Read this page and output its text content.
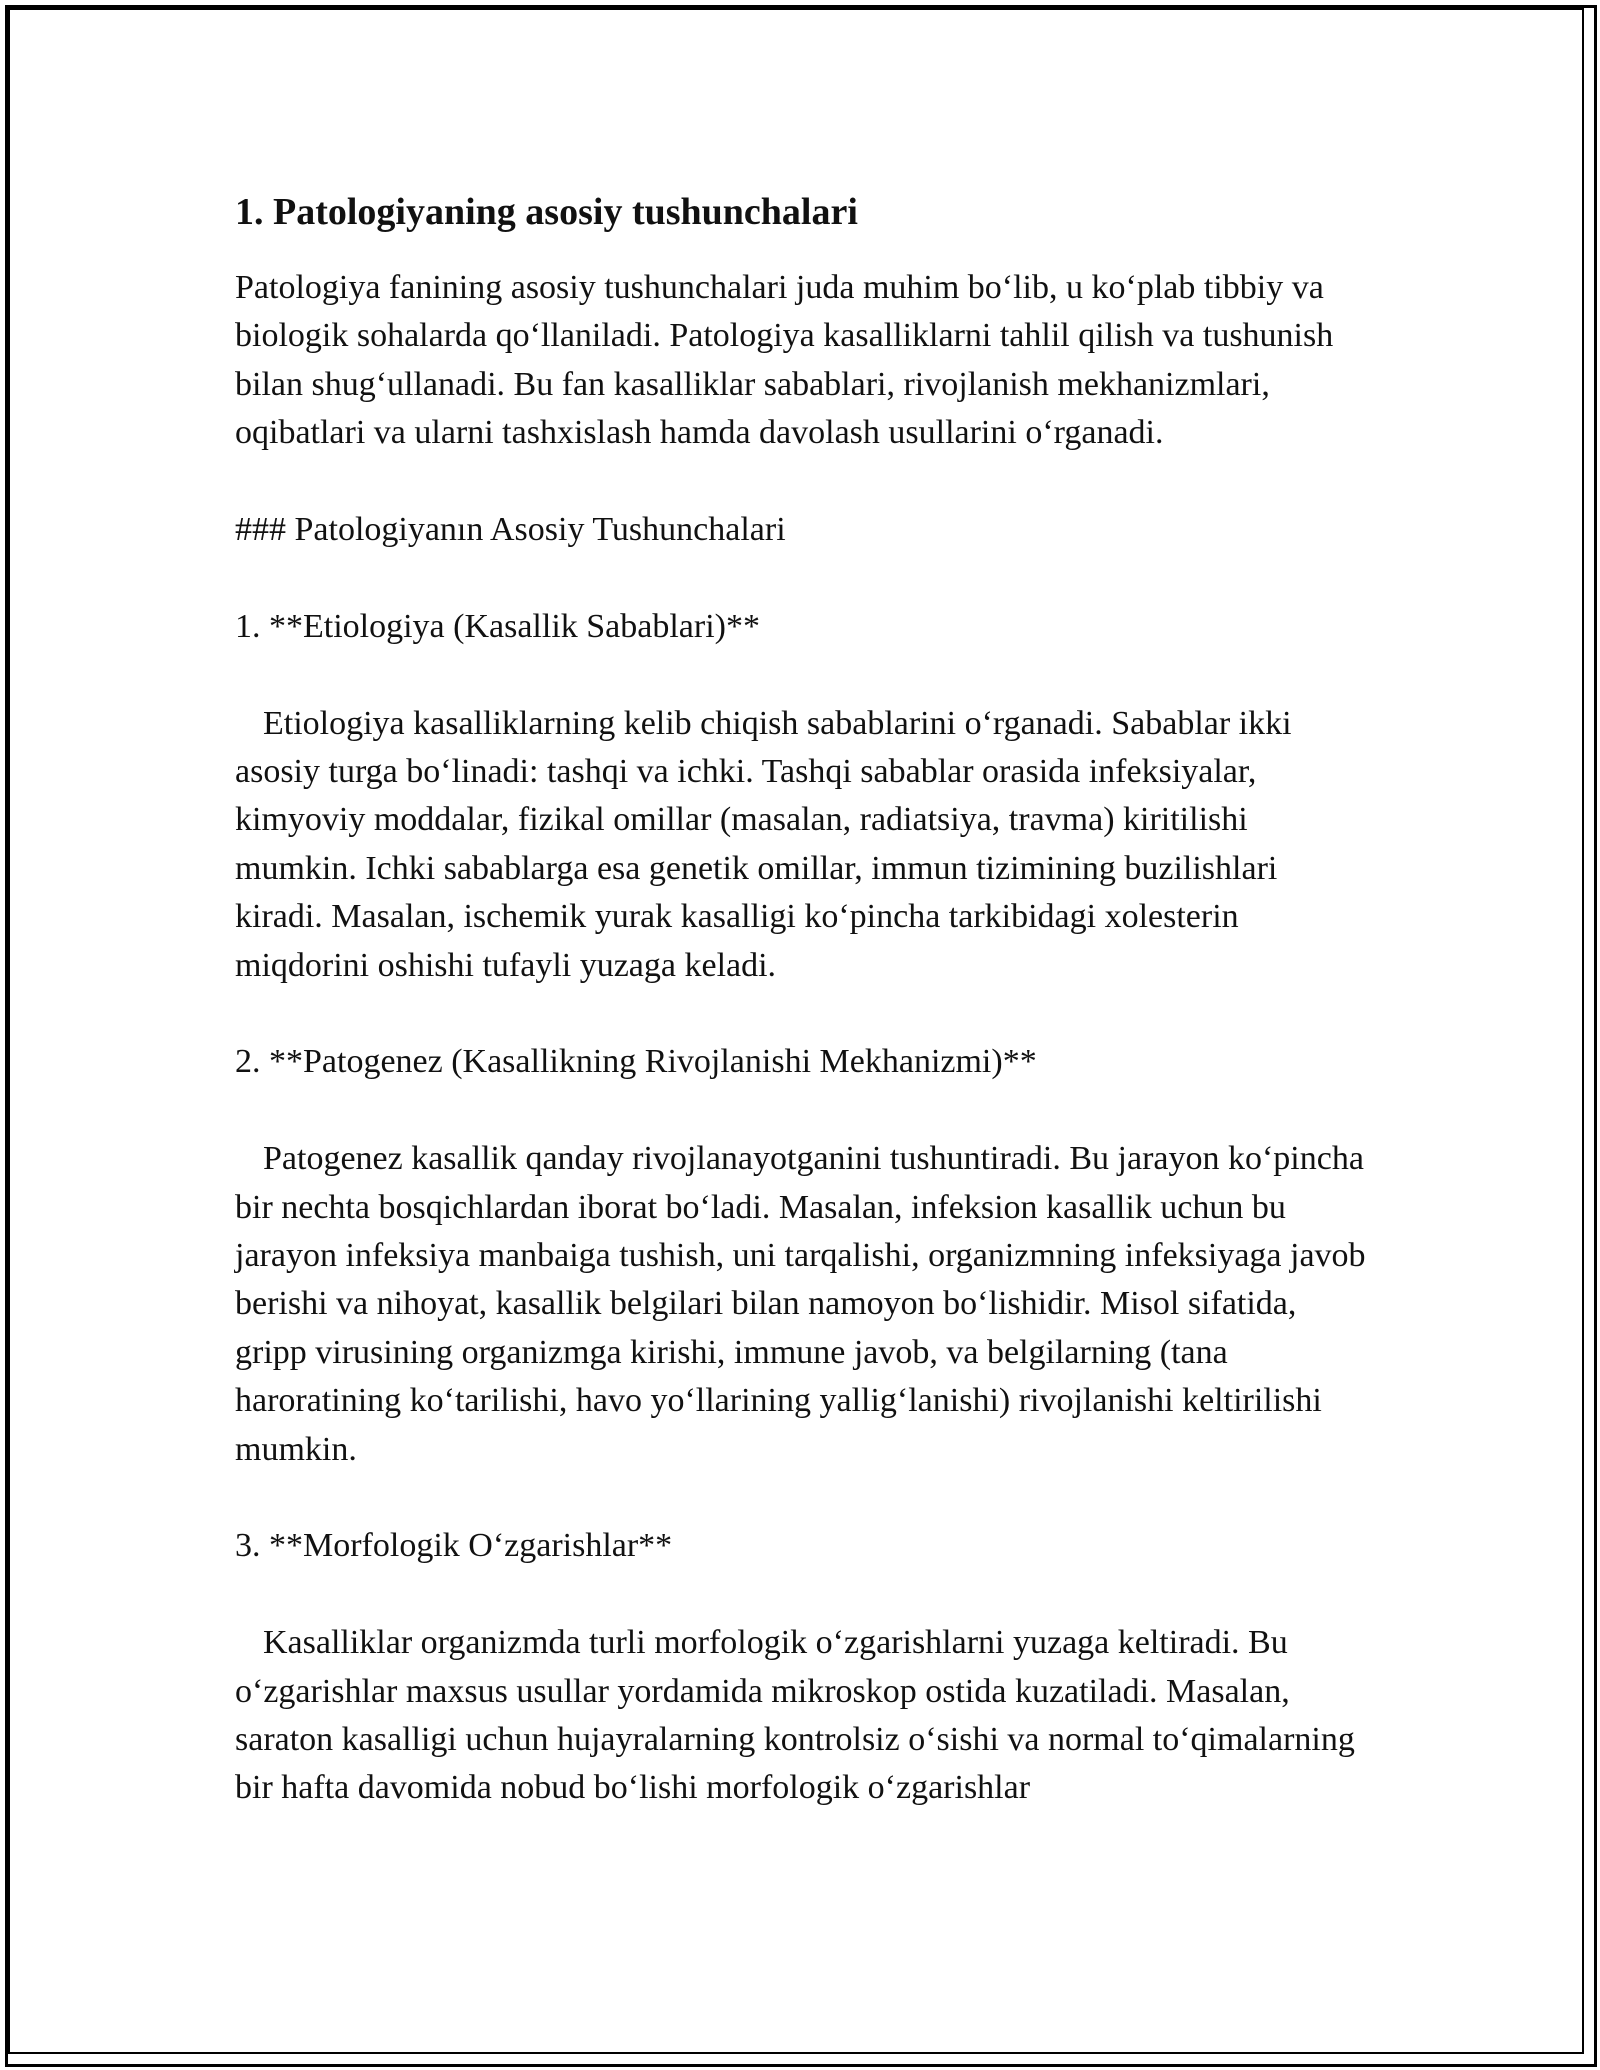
1. Patologiyaning asosiy tushunchalari

Patologiya fanining asosiy tushunchalari juda muhim bo‘lib, u ko‘plab tibbiy va biologik sohalarda qo‘llaniladi. Patologiya kasalliklarni tahlil qilish va tushunish bilan shug‘ullanadi. Bu fan kasalliklar sabablari, rivojlanish mekhanizmlari, oqibatlari va ularni tashxislash hamda davolash usullarini o‘rganadi.

### Patologiyanın Asosiy Tushunchalari

1. **Etiologiya (Kasallik Sabablari)**

Etiologiya kasalliklarning kelib chiqish sabablarini o‘rganadi. Sabablar ikki asosiy turga bo‘linadi: tashqi va ichki. Tashqi sabablar orasida infeksiyalar, kimyoviy moddalar, fizikal omillar (masalan, radiatsiya, travma) kiritilishi mumkin. Ichki sabablarga esa genetik omillar, immun tizimining buzilishlari kiradi. Masalan, ischemik yurak kasalligi ko‘pincha tarkibidagi xolesterin miqdorini oshishi tufayli yuzaga keladi.

2. **Patogenez (Kasallikning Rivojlanishi Mekhanizmi)**

Patogenez kasallik qanday rivojlanayotganini tushuntiradi. Bu jarayon ko‘pincha bir nechta bosqichlardan iborat bo‘ladi. Masalan, infeksion kasallik uchun bu jarayon infeksiya manbaiga tushish, uni tarqalishi, organizmning infeksiyaga javob berishi va nihoyat, kasallik belgilari bilan namoyon bo‘lishidir. Misol sifatida, gripp virusining organizmga kirishi, immune javob, va belgilarning (tana haroratining ko‘tarilishi, havo yo‘llarining yallig‘lanishi) rivojlanishi keltirilishi mumkin.

3. **Morfologik O‘zgarishlar**

Kasalliklar organizmda turli morfologik o‘zgarishlarni yuzaga keltiradi. Bu o‘zgarishlar maxsus usullar yordamida mikroskop ostida kuzatiladi. Masalan, saraton kasalligi uchun hujayralarning kontrolsiz o‘sishi va normal to‘qimalarning bir hafta davomida nobud bo‘lishi morfologik o‘zgarishlar
